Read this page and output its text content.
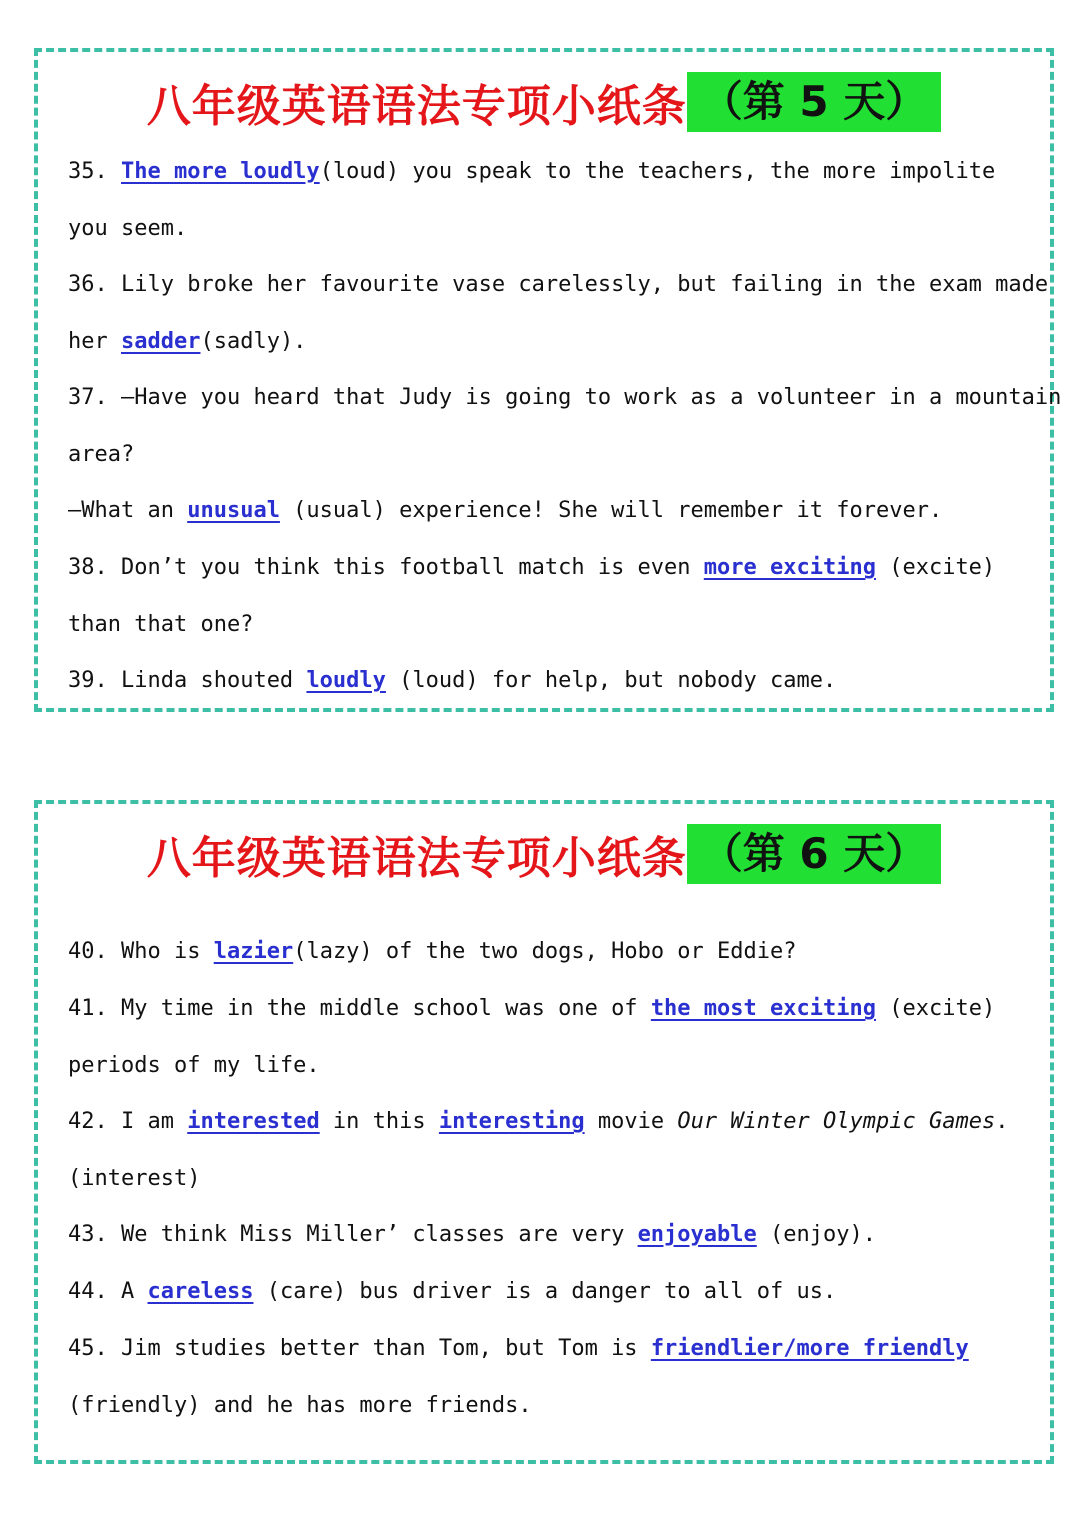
八年级英语语法专项小纸条 （第 5 天）
35. The more loudly(loud) you speak to the teachers, the more impolite
you seem.
36. Lily broke her favourite vase carelessly, but failing in the exam made
her sadder(sadly).
37. —Have you heard that Judy is going to work as a volunteer in a mountain
area?
—What an unusual (usual) experience! She will remember it forever.
38. Don’t you think this football match is even more exciting (excite)
than that one?
39. Linda shouted loudly (loud) for help, but nobody came.
八年级英语语法专项小纸条 （第 6 天）
40. Who is lazier(lazy) of the two dogs, Hobo or Eddie?
41. My time in the middle school was one of the most exciting (excite)
periods of my life.
42. I am interested in this interesting movie Our Winter Olympic Games.
(interest)
43. We think Miss Miller’ classes are very enjoyable (enjoy).
44. A careless (care) bus driver is a danger to all of us.
45. Jim studies better than Tom, but Tom is friendlier/more friendly
(friendly) and he has more friends.
